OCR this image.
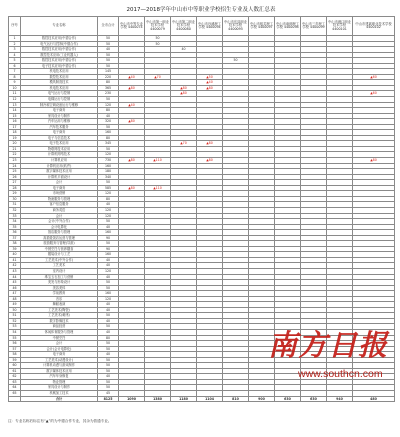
2017—2018学年中山市中等职业学校招生专业及人数汇总表
序号	专业名称	全市合计	中山市中等专业学校 4400074	中山市第一职业技术学校 4400079	中山市第二职业技术学校 4400080	中山市沙溪理工学校 4400094	中山市东凤职业技术学校 4400095	中山市板芙理工学校 4400097	中山市南朗理工学校 4400098	中山市三乡理工学校 4400099	中山市港口职业技术学校 4400101	中山市建斌职业技术学校 4400102
1	数控技术应用(中德合作)	50		50								
2	电气运行与控制(中德合作)	50		50								
3	数控技术应用(中德合作)	40			40							
4	数控技术应用(工业机器人)	50										
5	数控技术应用(中德合作)	50					50					
6	电子技术应用(中德合作)	50										
7	机电技术应用	145										
8	数控技术应用	220	▲40	▲70		▲50						▲60
9	模具制造技术	80				▲40						
10	机电技术应用	365	▲80		▲80	▲80						
11	电气运行与控制	230			▲80							▲60
12	电梯运行与控制	50										
13	制冷和空调设备运行与维修	120	▲40									
14	电子商务	80										
15	家具设计与制作	40										
16	汽车运用与维修	320	▲80									
17	汽车技术服务	50										
18	电子商务	160										
19	电子与信息技术	80										
20	电子技术应用	345			▲70	▲80						
21	物联网技术应用	50										
22	计算机网络技术	120										
23	计算机应用	730	▲80	▲110		▲80						▲80
24	计算机应用(软件)	160										
25	数字媒体技术应用	180										
26	计算机平面设计	340										
27	会计	50										
28	电子商务	585	▲80	▲110								
29	市场营销	120										
30	物流服务与管理	80										
31	客户信息服务	40										
32	商务英语	120										
33	会计	120										
34	会计(中外合作)	50										
35	会计电算化	40										
36	饭店服务与管理	160										
37	高星级饭店运营与管理	90										
38	旅游服务与管理(导游)	50										
39	中餐烹饪与营养膳食	90										
40	服装设计与工艺	160										
41	工艺美术(中外合作)	40										
42	工艺美术	40										
43	室内设计	120										
44	珠宝玉石加工与营销	40										
45	美发与形象设计	50										
46	美容美体	50										
47	学前教育	160										
48	音乐	120										
49	舞蹈表演	40										
50	工艺美术(陶瓷)	40										
51	工艺美术(刺绣)	50										
52	数字影像技术	40										
53	商品经营	50										
54	休闲体育服务与管理	40										
55	中餐烹饪	80										
56	会计	50										
57	会计(会计电算化)	50										
58	电子商务	40										
59	工艺美术(动漫设计)	50										
60	计算机动漫与游戏制作	50										
61	数字媒体技术应用	50										
62	汽车车身修复	40										
63	物业管理	50										
64	家具设计与制作	50										
65	机械加工技术	45										
	合计	8125	1090	1380	1180	1104	810	900	630	630	940	480
注：专业名称后标注有“▲”的为中德合作专业，其余为普通专业。
南方日报
www.southcn.com
